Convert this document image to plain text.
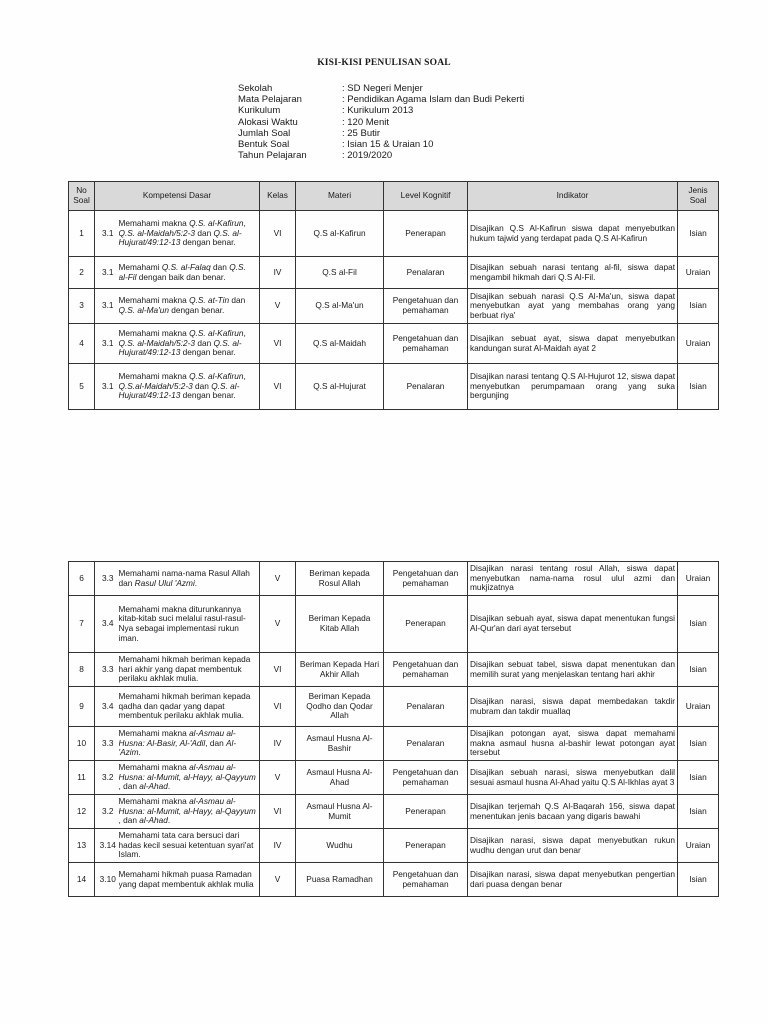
KISI-KISI PENULISAN SOAL
Sekolah	: SD Negeri Menjer
Mata Pelajaran	: Pendidikan Agama Islam dan Budi Pekerti
Kurikulum	: Kurikulum 2013
Alokasi Waktu	: 120 Menit
Jumlah Soal	: 25 Butir
Bentuk Soal	: Isian 15 & Uraian 10
Tahun Pelajaran	: 2019/2020
No Soal	Kompetensi Dasar		Kelas	Materi	Level Kognitif	Indikator	Jenis Soal
1	3.1	Memahami makna Q.S. al-Kafirun, Q.S. al-Maidah/5:2-3 dan Q.S. al- Hujurat/49:12-13 dengan benar.	VI	Q.S al-Kafirun	Penerapan	Disajikan Q.S Al-Kafirun siswa dapat menyebutkan hukum tajwid yang terdapat pada Q.S Al-Kafirun	Isian
2	3.1	Memahami Q.S. al-Falaq dan Q.S. al-Fil dengan baik dan benar.	IV	Q.S al-Fil	Penalaran	Disajikan sebuah narasi tentang al-fil, siswa dapat mengambil hikmah dari Q.S Al-Fil.	Uraian
3	3.1	Memahami makna Q.S. at-Tin dan Q.S. al-Ma'un dengan benar.	V	Q.S al-Ma'un	Pengetahuan dan pemahaman	Disajikan sebuah narasi Q.S Al-Ma'un, siswa dapat menyebutkan ayat yang membahas orang yang berbuat riya'	Isian
4	3.1	Memahami makna Q.S. al-Kafirun, Q.S. al-Maidah/5:2-3 dan Q.S. al- Hujurat/49:12-13 dengan benar.	VI	Q.S al-Maidah	Pengetahuan dan pemahaman	Disajikan sebuat ayat, siswa dapat menyebutkan kandungan surat Al-Maidah ayat 2	Uraian
5	3.1	Memahami makna Q.S. al-Kafirun, Q.S.al-Maidah/5:2-3 dan Q.S. al- Hujurat/49:12-13 dengan benar.	VI	Q.S al-Hujurat	Penalaran	Disajikan narasi tentang Q.S Al-Hujurot 12, siswa dapat menyebutkan perumpamaan orang yang suka bergunjing	Isian
6	3.3	Memahami nama-nama Rasul Allah dan Rasul Ulul 'Azmi.	V	Beriman kepada Rosul Allah	Pengetahuan dan pemahaman	Disajikan narasi tentang rosul Allah, siswa dapat menyebutkan nama-nama rosul ulul azmi dan mukjizatnya	Uraian
7	3.4	Memahami makna diturunkannya kitab-kitab suci melalui rasul-rasul-Nya sebagai implementasi rukun iman.	V	Beriman Kepada Kitab Allah	Penerapan	Disajikan sebuah ayat, siswa dapat menentukan fungsi Al-Qur'an dari ayat tersebut	Isian
8	3.3	Memahami hikmah beriman kepada hari akhir yang dapat membentuk perilaku akhlak mulia.	VI	Beriman Kepada Hari Akhir Allah	Pengetahuan dan pemahaman	Disajikan sebuat tabel, siswa dapat menentukan dan memilih surat yang menjelaskan tentang hari akhir	Isian
9	3.4	Memahami hikmah beriman kepada qadha dan qadar yang dapat membentuk perilaku akhlak mulia.	VI	Beriman Kepada Qodho dan Qodar Allah	Penalaran	Disajikan narasi, siswa dapat membedakan takdir mubram dan takdir muallaq	Uraian
10	3.3	Memahami makna al-Asmau al-Husna: Al-Basir, Al-'Adil, dan Al-'Azim.	IV	Asmaul Husna Al-Bashir	Penalaran	Disajikan potongan ayat, siswa dapat memahami makna asmaul husna al-bashir lewat potongan ayat tersebut	Isian
11	3.2	Memahami makna al-Asmau al-Husna: al-Mumit, al-Hayy, al-Qayyum , dan al-Ahad.	V	Asmaul Husna Al-Ahad	Pengetahuan dan pemahaman	Disajikan sebuah narasi, siswa menyebutkan dalil sesuai asmaul husna Al-Ahad yaitu Q.S Al-Ikhlas ayat 3	Isian
12	3.2	Memahami makna al-Asmau al-Husna: al-Mumit, al-Hayy, al-Qayyum , dan al-Ahad.	VI	Asmaul Husna Al-Mumit	Penerapan	Disajikan terjemah Q.S Al-Baqarah 156, siswa dapat menentukan jenis bacaan yang digaris bawahi	Isian
13	3.14	Memahami tata cara bersuci dari hadas kecil sesuai ketentuan syari'at Islam.	IV	Wudhu	Penerapan	Disajikan narasi, siswa dapat menyebutkan rukun wudhu dengan urut dan benar	Uraian
14	3.10	Memahami hikmah puasa Ramadan yang dapat membentuk akhlak mulia	V	Puasa Ramadhan	Pengetahuan dan pemahaman	Disajikan narasi, siswa dapat menyebutkan pengertian dari puasa dengan benar	Isian
